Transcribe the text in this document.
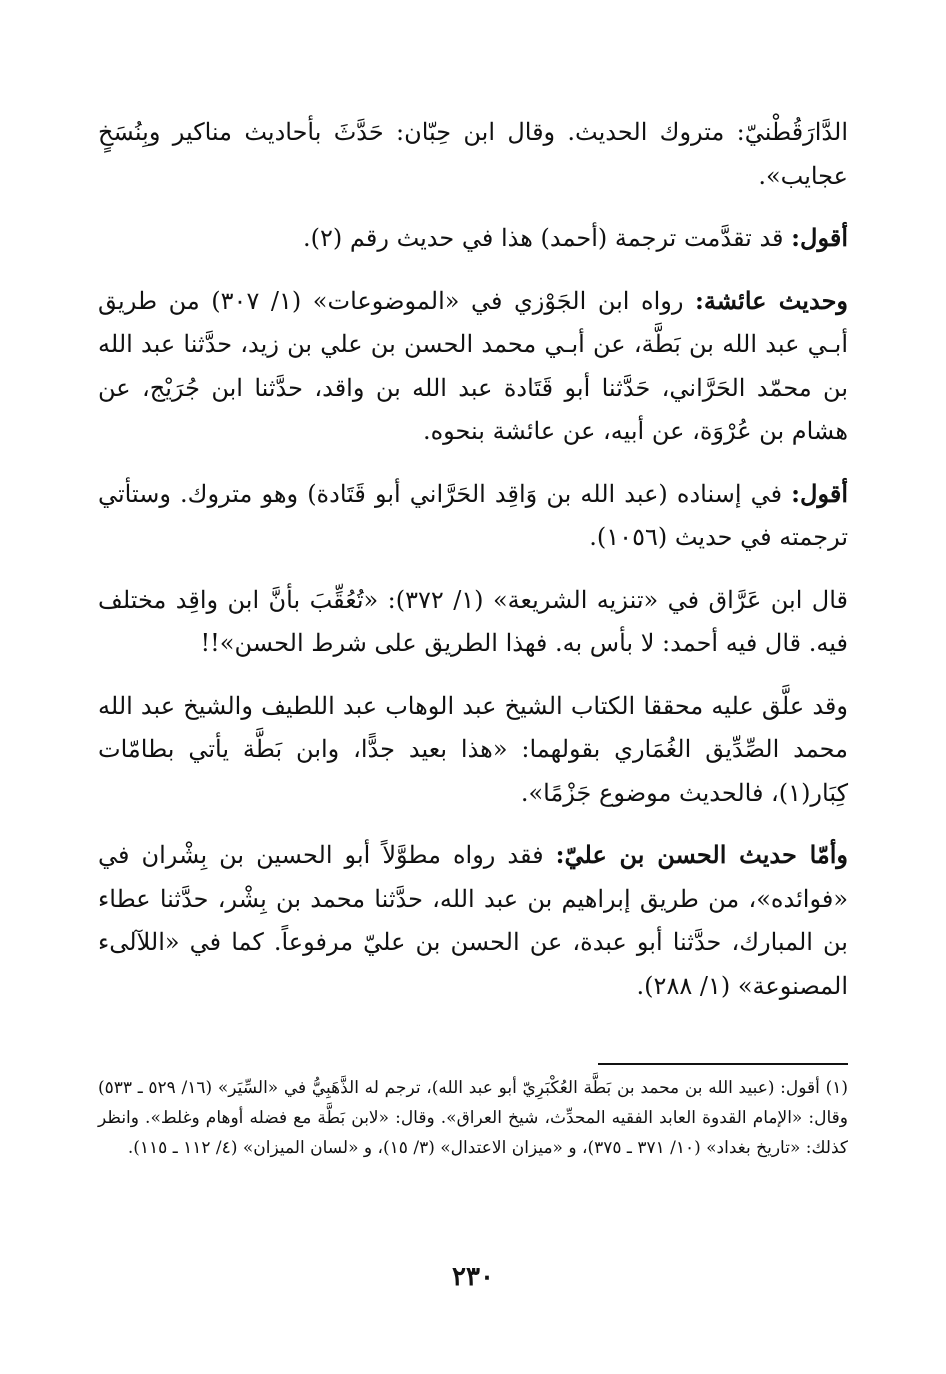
الدَّارَقُطْنيّ: متروك الحديث. وقال ابن حِبّان: حَدَّثَ بأحاديث مناكير وبِنُسَخٍ عجايب».

أقول: قد تقدَّمت ترجمة (أحمد) هذا في حديث رقم (٢).

وحديث عائشة: رواه ابن الجَوْزي في «الموضوعات» (١/ ٣٠٧) من طريق أبـي عبد الله بن بَطَّة، عن أبـي محمد الحسن بن علي بن زيد، حدَّثنا عبد الله بن محمّد الحَرَّاني، حَدَّثنا أبو قَتَادة عبد الله بن واقد، حدَّثنا ابن جُرَيْج، عن هشام بن عُرْوَة، عن أبيه، عن عائشة بنحوه.

أقول: في إسناده (عبد الله بن وَاقِد الحَرَّاني أبو قَتَادة) وهو متروك. وستأتي ترجمته في حديث (١٠٥٦).

قال ابن عَرَّاق في «تنزيه الشريعة» (١/ ٣٧٢): «تُعُقِّبَ بأنَّ ابن واقِد مختلف فيه. قال فيه أحمد: لا بأس به. فهذا الطريق على شرط الحسن»!!

وقد علَّق عليه محققا الكتاب الشيخ عبد الوهاب عبد اللطيف والشيخ عبد الله محمد الصِّدِّيق الغُمَاري بقولهما: «هذا بعيد جدًّا، وابن بَطَّة يأتي بطامّات كِبَار(١)، فالحديث موضوع جَزْمًا».

وأمّا حديث الحسن بن عليّ: فقد رواه مطوَّلاً أبو الحسين بن بِشْران في «فوائده»، من طريق إبراهيم بن عبد الله، حدَّثنا محمد بن بِشْر، حدَّثنا عطاء بن المبارك، حدَّثنا أبو عبدة، عن الحسن بن عليّ مرفوعاً. كما في «اللآلىء المصنوعة» (١/ ٢٨٨).

(١) أقول: (عبيد الله بن محمد بن بَطَّة العُكْبَرِيّ أبو عبد الله)، ترجم له الذَّهَبِيُّ في «السِّيَر» (١٦/ ٥٢٩ ـ ٥٣٣) وقال: «الإمام القدوة العابد الفقيه المحدِّث، شيخ العراق». وقال: «لابن بَطَّة مع فضله أوهام وغلط». وانظر كذلك: «تاريخ بغداد» (١٠/ ٣٧١ ـ ٣٧٥)، و «ميزان الاعتدال» (٣/ ١٥)، و «لسان الميزان» (٤/ ١١٢ ـ ١١٥).

٢٣٠
